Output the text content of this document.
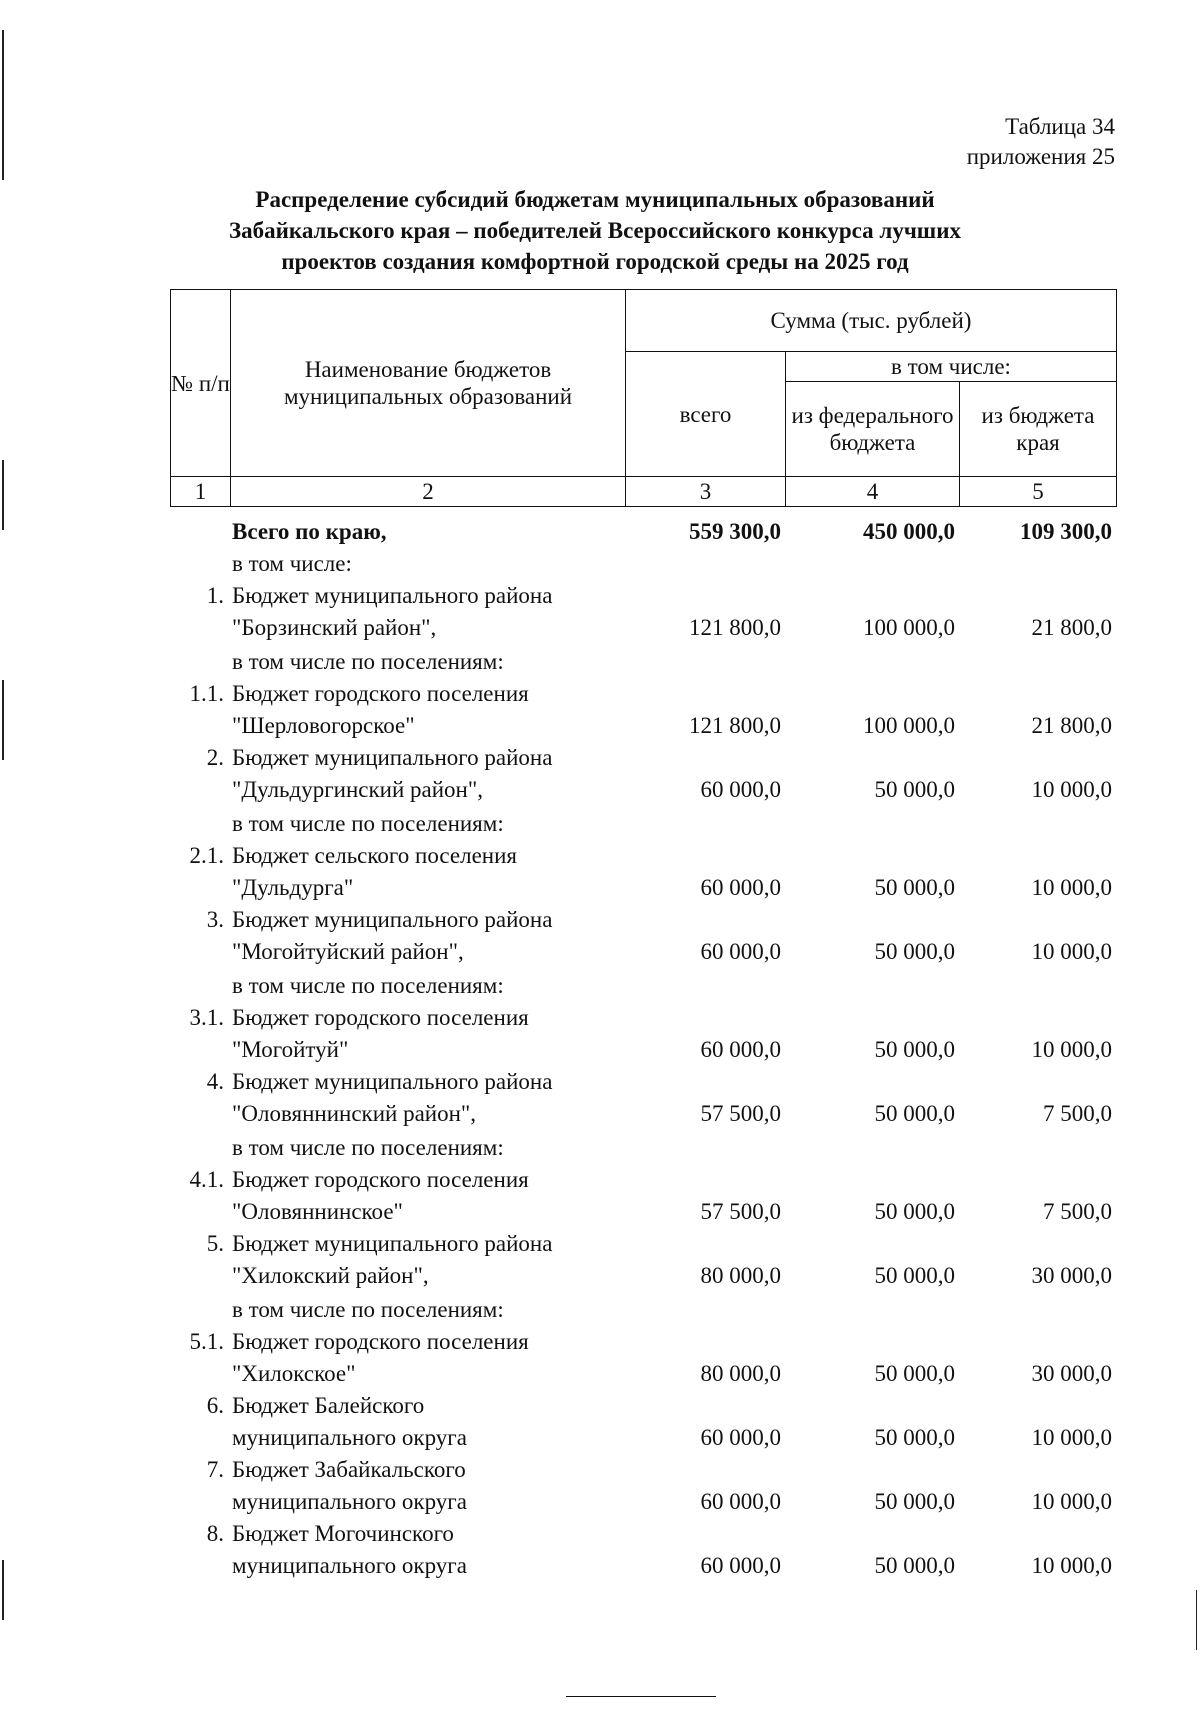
Таблица 34
приложения 25
Распределение субсидий бюджетам муниципальных образований
Забайкальского края – победителей Всероссийского конкурса лучших
проектов создания комфортной городской среды на 2025 год
№ п/п	Наименование бюджетов муниципальных образований	Сумма (тыс. рублей)		
		всего	в том числе:	
			из федерального бюджета	из бюджета края
1	2	3	4	5
	Всего по краю,	559 300,0	450 000,0	109 300,0
	в том числе:			
1.	Бюджет муниципального района
"Борзинский район",	121 800,0	100 000,0	21 800,0
	в том числе по поселениям:			
1.1.	Бюджет городского поселения
"Шерловогорское"	121 800,0	100 000,0	21 800,0
2.	Бюджет муниципального района
"Дульдургинский район",	60 000,0	50 000,0	10 000,0
	в том числе по поселениям:			
2.1.	Бюджет сельского поселения
"Дульдурга"	60 000,0	50 000,0	10 000,0
3.	Бюджет муниципального района
"Могойтуйский район",	60 000,0	50 000,0	10 000,0
	в том числе по поселениям:			
3.1.	Бюджет городского поселения
"Могойтуй"	60 000,0	50 000,0	10 000,0
4.	Бюджет муниципального района
"Оловяннинский район",	57 500,0	50 000,0	7 500,0
	в том числе по поселениям:			
4.1.	Бюджет городского поселения
"Оловяннинское"	57 500,0	50 000,0	7 500,0
5.	Бюджет муниципального района
"Хилокский район",	80 000,0	50 000,0	30 000,0
	в том числе по поселениям:			
5.1.	Бюджет городского поселения
"Хилокское"	80 000,0	50 000,0	30 000,0
6.	Бюджет Балейского
муниципального округа	60 000,0	50 000,0	10 000,0
7.	Бюджет Забайкальского
муниципального округа	60 000,0	50 000,0	10 000,0
8.	Бюджет Могочинского
муниципального округа	60 000,0	50 000,0	10 000,0
